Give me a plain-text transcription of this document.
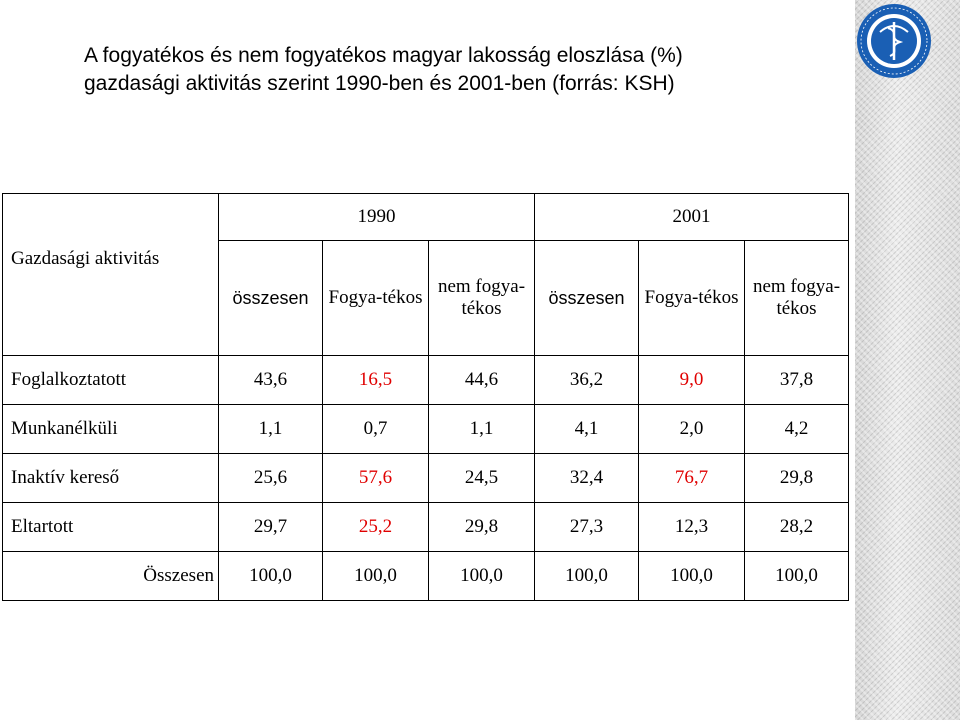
A fogyatékos és nem fogyatékos magyar lakosság eloszlása (%)
gazdasági aktivitás szerint 1990-ben és 2001-ben (forrás: KSH)
Gazdasági aktivitás	1990			2001		
	összesen	Fogya-tékos	nem fogya-tékos	összesen	Fogya-tékos	nem fogya-tékos
Foglalkoztatott	43,6	16,5	44,6	36,2	9,0	37,8
Munkanélküli	1,1	0,7	1,1	4,1	2,0	4,2
Inaktív kereső	25,6	57,6	24,5	32,4	76,7	29,8
Eltartott	29,7	25,2	29,8	27,3	12,3	28,2
Összesen	100,0	100,0	100,0	100,0	100,0	100,0
